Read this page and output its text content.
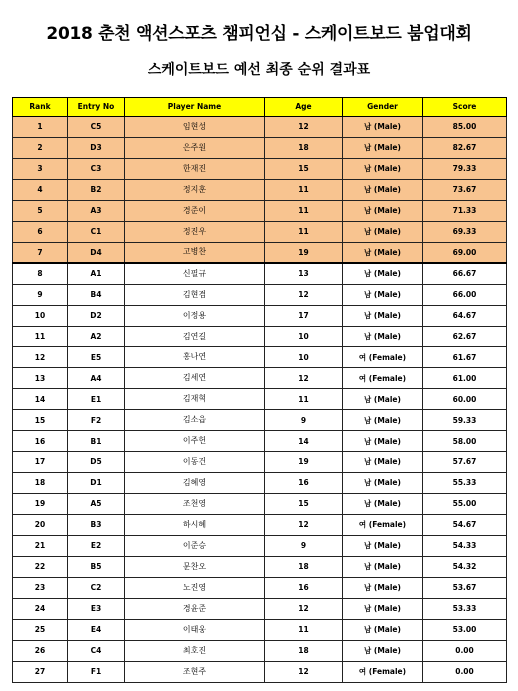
2018 춘천 액션스포츠 챔피언십 - 스케이트보드 붐업대회
스케이트보드 예선 최종 순위 결과표
Rank	Entry No	Player Name	Age	Gender	Score
1	C5	임현성	12	남 (Male)	85.00
2	D3	은주원	18	남 (Male)	82.67
3	C3	한재진	15	남 (Male)	79.33
4	B2	정지훈	11	남 (Male)	73.67
5	A3	경준이	11	남 (Male)	71.33
6	C1	정진우	11	남 (Male)	69.33
7	D4	고병찬	19	남 (Male)	69.00
8	A1	신필규	13	남 (Male)	66.67
9	B4	김현겸	12	남 (Male)	66.00
10	D2	이정용	17	남 (Male)	64.67
11	A2	김연길	10	남 (Male)	62.67
12	E5	홍나연	10	여 (Female)	61.67
13	A4	김세연	12	여 (Female)	61.00
14	E1	김재혁	11	남 (Male)	60.00
15	F2	김소읍	9	남 (Male)	59.33
16	B1	이주헌	14	남 (Male)	58.00
17	D5	이동건	19	남 (Male)	57.67
18	D1	김혜영	16	남 (Male)	55.33
19	A5	조천영	15	남 (Male)	55.00
20	B3	하시혜	12	여 (Female)	54.67
21	E2	이준승	9	남 (Male)	54.33
22	B5	문찬오	18	남 (Male)	54.32
23	C2	노진영	16	남 (Male)	53.67
24	E3	경윤준	12	남 (Male)	53.33
25	E4	이태웅	11	남 (Male)	53.00
26	C4	최호진	18	남 (Male)	0.00
27	F1	조현주	12	여 (Female)	0.00
